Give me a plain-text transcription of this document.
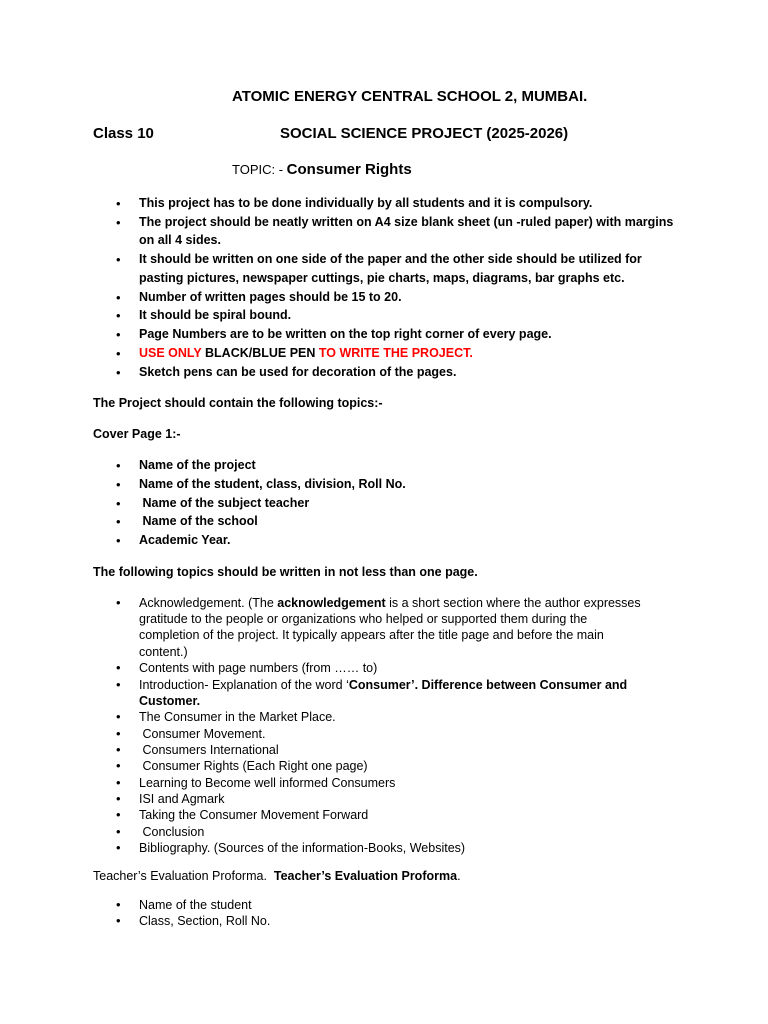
ATOMIC ENERGY CENTRAL SCHOOL 2, MUMBAI.
Class 10	SOCIAL SCIENCE PROJECT (2025-2026)
TOPIC: - Consumer Rights
• This project has to be done individually by all students and it is compulsory.
• The project should be neatly written on A4 size blank sheet (un -ruled paper) with margins
on all 4 sides.
• It should be written on one side of the paper and the other side should be utilized for
pasting pictures, newspaper cuttings, pie charts, maps, diagrams, bar graphs etc.
• Number of written pages should be 15 to 20.
• It should be spiral bound.
• Page Numbers are to be written on the top right corner of every page.
• USE ONLY BLACK/BLUE PEN TO WRITE THE PROJECT.
• Sketch pens can be used for decoration of the pages.
The Project should contain the following topics:-
Cover Page 1:-
• Name of the project
• Name of the student, class, division, Roll No.
• Name of the subject teacher
• Name of the school
• Academic Year.
The following topics should be written in not less than one page.
• Acknowledgement. (The acknowledgement is a short section where the author expresses
gratitude to the people or organizations who helped or supported them during the
completion of the project. It typically appears after the title page and before the main
content.)
• Contents with page numbers (from …… to)
• Introduction- Explanation of the word ‘Consumer’. Difference between Consumer and
Customer.
• The Consumer in the Market Place.
• Consumer Movement.
• Consumers International
• Consumer Rights (Each Right one page)
• Learning to Become well informed Consumers
• ISI and Agmark
• Taking the Consumer Movement Forward
• Conclusion
• Bibliography. (Sources of the information-Books, Websites)
Teacher’s Evaluation Proforma.  Teacher’s Evaluation Proforma.
• Name of the student
• Class, Section, Roll No.
